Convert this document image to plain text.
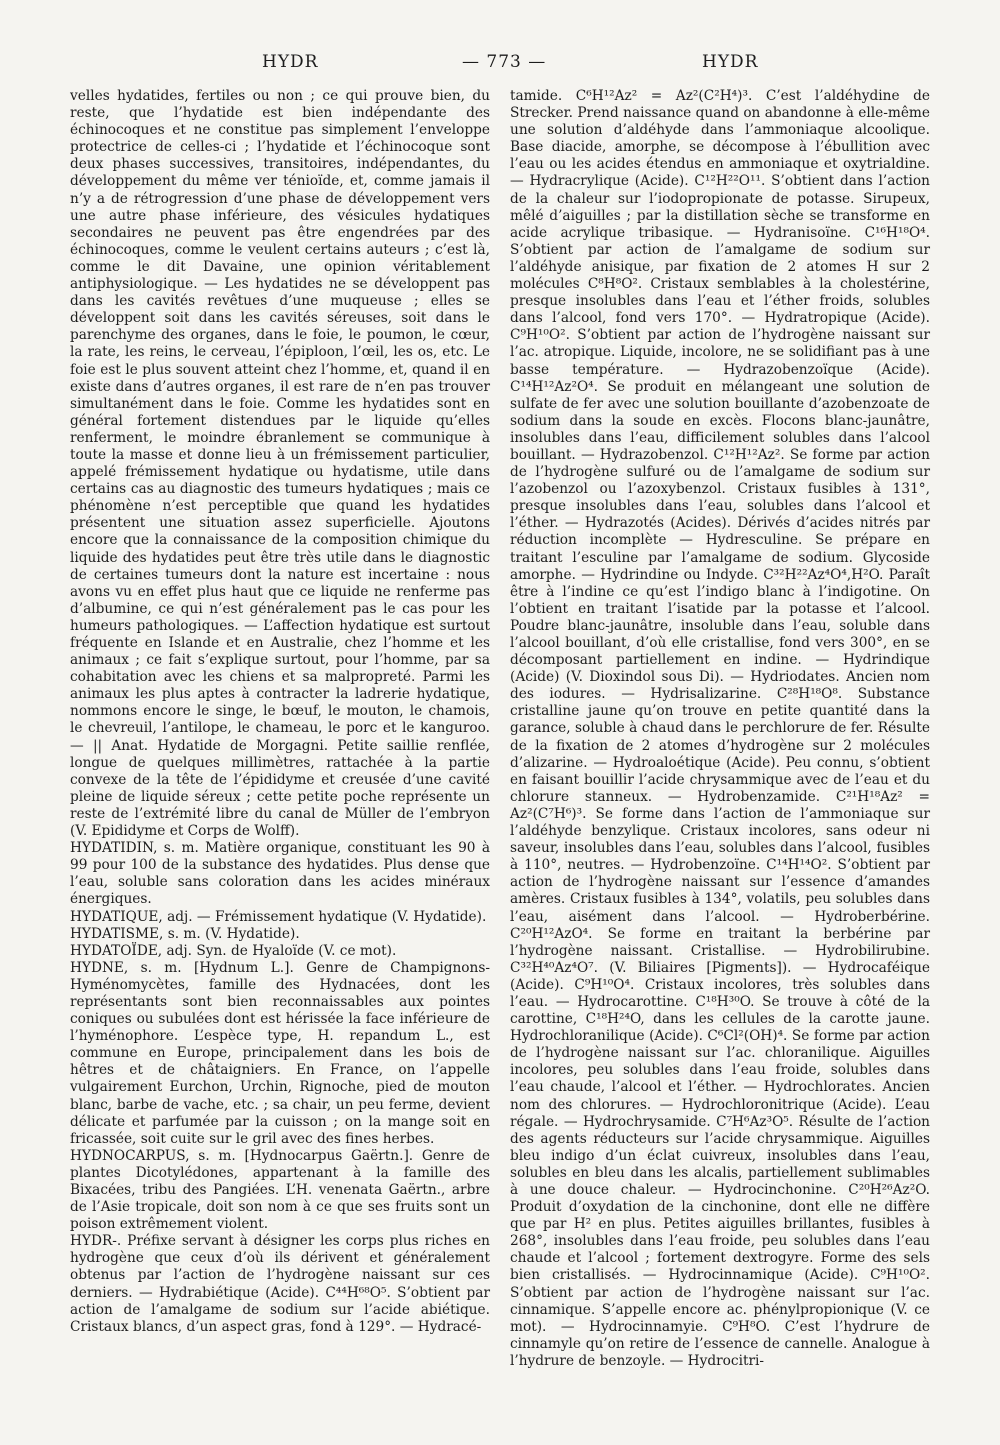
HYDR	— 773 —	HYDR

velles hydatides, fertiles ou non ; ce qui prouve bien, du reste, que l’hydatide est bien indépendante des échinocoques et ne constitue pas simplement l’enveloppe protectrice de celles-ci ; l’hydatide et l’échinocoque sont deux phases successives, transitoires, indépendantes, du développement du même ver ténioïde, et, comme jamais il n’y a de rétrogression d’une phase de développement vers une autre phase inférieure, des vésicules hydatiques secondaires ne peuvent pas être engendrées par des échinocoques, comme le veulent certains auteurs ; c’est là, comme le dit Davaine, une opinion véritablement antiphysiologique. — Les hydatides ne se développent pas dans les cavités revêtues d’une muqueuse ; elles se développent soit dans les cavités séreuses, soit dans le parenchyme des organes, dans le foie, le poumon, le cœur, la rate, les reins, le cerveau, l’épiploon, l’œil, les os, etc. Le foie est le plus souvent atteint chez l’homme, et, quand il en existe dans d’autres organes, il est rare de n’en pas trouver simultanément dans le foie. Comme les hydatides sont en général fortement distendues par le liquide qu’elles renferment, le moindre ébranlement se communique à toute la masse et donne lieu à un frémissement particulier, appelé frémissement hydatique ou hydatisme, utile dans certains cas au diagnostic des tumeurs hydatiques ; mais ce phénomène n’est perceptible que quand les hydatides présentent une situation assez superficielle. Ajoutons encore que la connaissance de la composition chimique du liquide des hydatides peut être très utile dans le diagnostic de certaines tumeurs dont la nature est incertaine : nous avons vu en effet plus haut que ce liquide ne renferme pas d’albumine, ce qui n’est généralement pas le cas pour les humeurs pathologiques. — L’affection hydatique est surtout fréquente en Islande et en Australie, chez l’homme et les animaux ; ce fait s’explique surtout, pour l’homme, par sa cohabitation avec les chiens et sa malpropreté. Parmi les animaux les plus aptes à contracter la ladrerie hydatique, nommons encore le singe, le bœuf, le mouton, le chamois, le chevreuil, l’antilope, le chameau, le porc et le kanguroo. — || Anat. Hydatide de Morgagni. Petite saillie renflée, longue de quelques millimètres, rattachée à la partie convexe de la tête de l’épididyme et creusée d’une cavité pleine de liquide séreux ; cette petite poche représente un reste de l’extrémité libre du canal de Müller de l’embryon (V. Epididyme et Corps de Wolff).

HYDATIDIN, s. m. Matière organique, constituant les 90 à 99 pour 100 de la substance des hydatides. Plus dense que l’eau, soluble sans coloration dans les acides minéraux énergiques.

HYDATIQUE, adj. — Frémissement hydatique (V. Hydatide).

HYDATISME, s. m. (V. Hydatide).

HYDATOÏDE, adj. Syn. de Hyaloïde (V. ce mot).

HYDNE, s. m. [Hydnum L.]. Genre de Champignons-Hyménomycètes, famille des Hydnacées, dont les représentants sont bien reconnaissables aux pointes coniques ou subulées dont est hérissée la face inférieure de l’hyménophore. L’espèce type, H. repandum L., est commune en Europe, principalement dans les bois de hêtres et de châtaigniers. En France, on l’appelle vulgairement Eurchon, Urchin, Rignoche, pied de mouton blanc, barbe de vache, etc. ; sa chair, un peu ferme, devient délicate et parfumée par la cuisson ; on la mange soit en fricassée, soit cuite sur le gril avec des fines herbes.

HYDNOCARPUS, s. m. [Hydnocarpus Gaërtn.]. Genre de plantes Dicotylédones, appartenant à la famille des Bixacées, tribu des Pangiées. L’H. venenata Gaërtn., arbre de l’Asie tropicale, doit son nom à ce que ses fruits sont un poison extrêmement violent.

HYDR-. Préfixe servant à désigner les corps plus riches en hydrogène que ceux d’où ils dérivent et généralement obtenus par l’action de l’hydrogène naissant sur ces derniers. — Hydrabiétique (Acide). C⁴⁴H⁶⁸O⁵. S’obtient par action de l’amalgame de sodium sur l’acide abiétique. Cristaux blancs, d’un aspect gras, fond à 129°. — Hydracé-

tamide. C⁶H¹²Az² = Az²(C²H⁴)³. C’est l’aldéhydine de Strecker. Prend naissance quand on abandonne à elle-même une solution d’aldéhyde dans l’ammoniaque alcoolique. Base diacide, amorphe, se décompose à l’ébullition avec l’eau ou les acides étendus en ammoniaque et oxytrialdine. — Hydracrylique (Acide). C¹²H²²O¹¹. S’obtient dans l’action de la chaleur sur l’iodopropionate de potasse. Sirupeux, mêlé d’aiguilles ; par la distillation sèche se transforme en acide acrylique tribasique. — Hydranisoïne. C¹⁶H¹⁸O⁴. S’obtient par action de l’amalgame de sodium sur l’aldéhyde anisique, par fixation de 2 atomes H sur 2 molécules C⁸H⁸O². Cristaux semblables à la cholestérine, presque insolubles dans l’eau et l’éther froids, solubles dans l’alcool, fond vers 170°. — Hydratropique (Acide). C⁹H¹⁰O². S’obtient par action de l’hydrogène naissant sur l’ac. atropique. Liquide, incolore, ne se solidifiant pas à une basse température. — Hydrazobenzoïque (Acide). C¹⁴H¹²Az²O⁴. Se produit en mélangeant une solution de sulfate de fer avec une solution bouillante d’azobenzoate de sodium dans la soude en excès. Flocons blanc-jaunâtre, insolubles dans l’eau, difficilement solubles dans l’alcool bouillant. — Hydrazobenzol. C¹²H¹²Az². Se forme par action de l’hydrogène sulfuré ou de l’amalgame de sodium sur l’azobenzol ou l’azoxybenzol. Cristaux fusibles à 131°, presque insolubles dans l’eau, solubles dans l’alcool et l’éther. — Hydrazotés (Acides). Dérivés d’acides nitrés par réduction incomplète — Hydresculine. Se prépare en traitant l’esculine par l’amalgame de sodium. Glycoside amorphe. — Hydrindine ou Indyde. C³²H²²Az⁴O⁴,H²O. Paraît être à l’indine ce qu’est l’indigo blanc à l’indigotine. On l’obtient en traitant l’isatide par la potasse et l’alcool. Poudre blanc-jaunâtre, insoluble dans l’eau, soluble dans l’alcool bouillant, d’où elle cristallise, fond vers 300°, en se décomposant partiellement en indine. — Hydrindique (Acide) (V. Dioxindol sous Di). — Hydriodates. Ancien nom des iodures. — Hydrisalizarine. C²⁸H¹⁸O⁸. Substance cristalline jaune qu’on trouve en petite quantité dans la garance, soluble à chaud dans le perchlorure de fer. Résulte de la fixation de 2 atomes d’hydrogène sur 2 molécules d’alizarine. — Hydroaloétique (Acide). Peu connu, s’obtient en faisant bouillir l’acide chrysammique avec de l’eau et du chlorure stanneux. — Hydrobenzamide. C²¹H¹⁸Az² = Az²(C⁷H⁶)³. Se forme dans l’action de l’ammoniaque sur l’aldéhyde benzylique. Cristaux incolores, sans odeur ni saveur, insolubles dans l’eau, solubles dans l’alcool, fusibles à 110°, neutres. — Hydrobenzoïne. C¹⁴H¹⁴O². S’obtient par action de l’hydrogène naissant sur l’essence d’amandes amères. Cristaux fusibles à 134°, volatils, peu solubles dans l’eau, aisément dans l’alcool. — Hydroberbérine. C²⁰H¹²AzO⁴. Se forme en traitant la berbérine par l’hydrogène naissant. Cristallise. — Hydrobilirubine. C³²H⁴⁰Az⁴O⁷. (V. Biliaires [Pigments]). — Hydrocaféique (Acide). C⁹H¹⁰O⁴. Cristaux incolores, très solubles dans l’eau. — Hydrocarottine. C¹⁸H³⁰O. Se trouve à côté de la carottine, C¹⁸H²⁴O, dans les cellules de la carotte jaune. Hydrochloranilique (Acide). C⁶Cl²(OH)⁴. Se forme par action de l’hydrogène naissant sur l’ac. chloranilique. Aiguilles incolores, peu solubles dans l’eau froide, solubles dans l’eau chaude, l’alcool et l’éther. — Hydrochlorates. Ancien nom des chlorures. — Hydrochloronitrique (Acide). L’eau régale. — Hydrochrysamide. C⁷H⁶Az³O⁵. Résulte de l’action des agents réducteurs sur l’acide chrysammique. Aiguilles bleu indigo d’un éclat cuivreux, insolubles dans l’eau, solubles en bleu dans les alcalis, partiellement sublimables à une douce chaleur. — Hydrocinchonine. C²⁰H²⁶Az²O. Produit d’oxydation de la cinchonine, dont elle ne diffère que par H² en plus. Petites aiguilles brillantes, fusibles à 268°, insolubles dans l’eau froide, peu solubles dans l’eau chaude et l’alcool ; fortement dextrogyre. Forme des sels bien cristallisés. — Hydrocinnamique (Acide). C⁹H¹⁰O². S’obtient par action de l’hydrogène naissant sur l’ac. cinnamique. S’appelle encore ac. phénylpropionique (V. ce mot). — Hydrocinnamyie. C⁹H⁸O. C’est l’hydrure de cinnamyle qu’on retire de l’essence de cannelle. Analogue à l’hydrure de benzoyle. — Hydrocitri-
